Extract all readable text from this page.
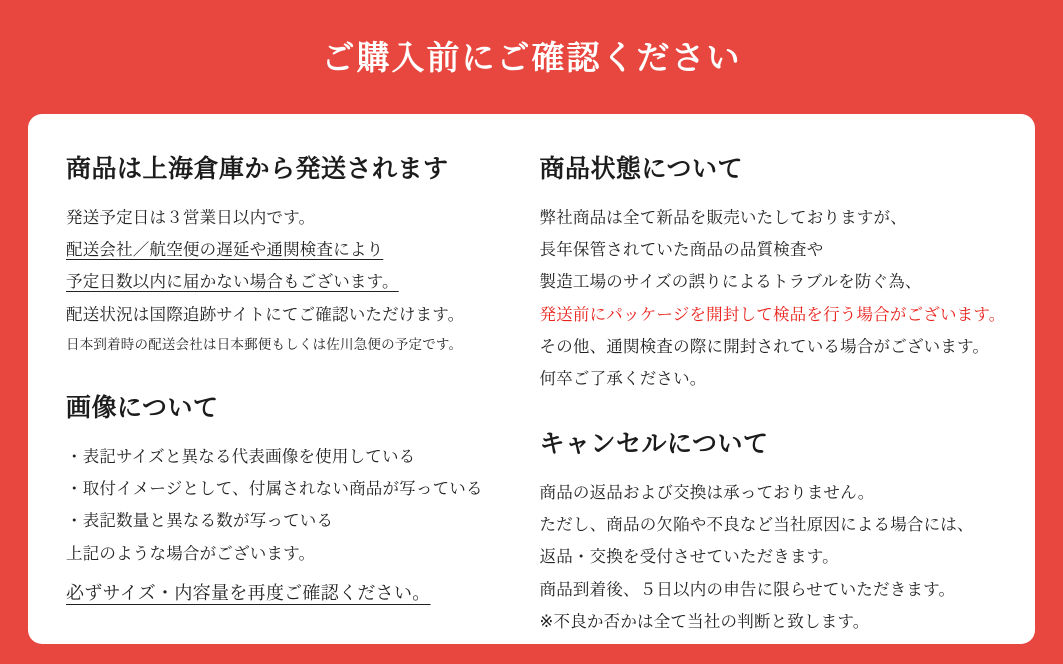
ご購入前にご確認ください
商品は上海倉庫から発送されます
発送予定日は３営業日以内です。
配送会社／航空便の遅延や通関検査により
予定日数以内に届かない場合もございます。
配送状況は国際追跡サイトにてご確認いただけます。
日本到着時の配送会社は日本郵便もしくは佐川急便の予定です。
画像について
・表記サイズと異なる代表画像を使用している
・取付イメージとして、付属されない商品が写っている
・表記数量と異なる数が写っている
上記のような場合がございます。
必ずサイズ・内容量を再度ご確認ください。
商品状態について
弊社商品は全て新品を販売いたしておりますが、
長年保管されていた商品の品質検査や
製造工場のサイズの誤りによるトラブルを防ぐ為、
発送前にパッケージを開封して検品を行う場合がございます。
その他、通関検査の際に開封されている場合がございます。
何卒ご了承ください。
キャンセルについて
商品の返品および交換は承っておりません。
ただし、商品の欠陥や不良など当社原因による場合には、
返品・交換を受付させていただきます。
商品到着後、５日以内の申告に限らせていただきます。
※不良か否かは全て当社の判断と致します。
